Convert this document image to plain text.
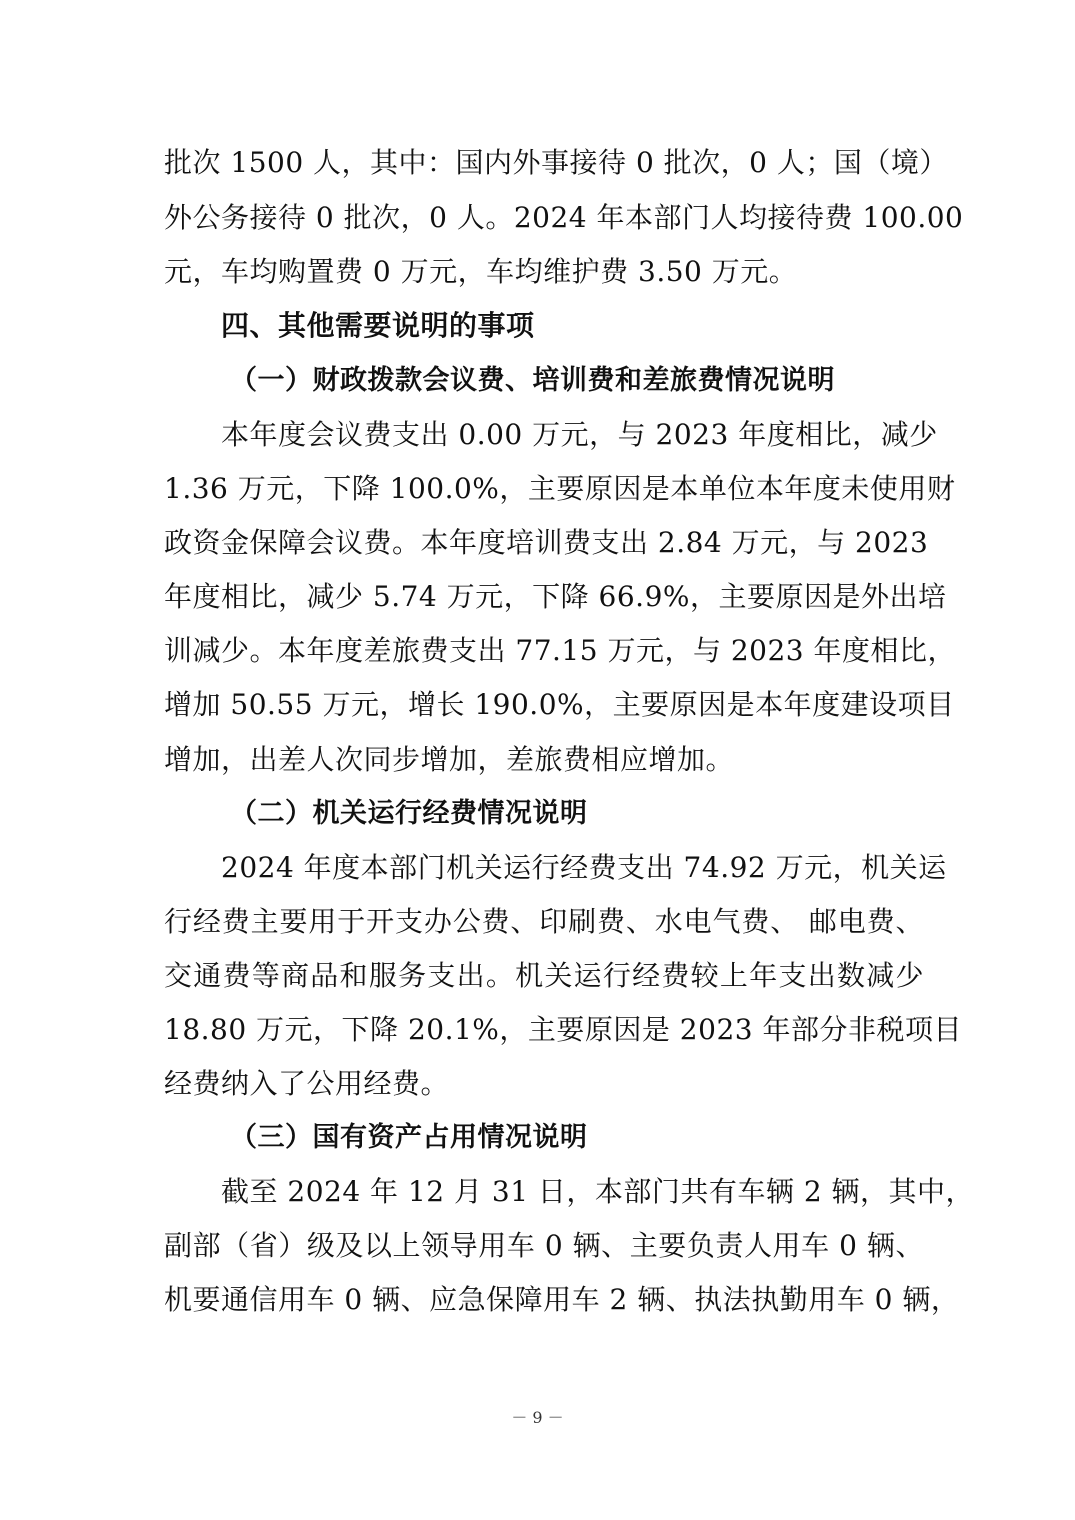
批次 1500 人，其中：国内外事接待 0 批次，0 人；国（境）
外公务接待 0 批次，0 人。2024 年本部门人均接待费 100.00
元，车均购置费 0 万元，车均维护费 3.50 万元。
四、其他需要说明的事项
（一）财政拨款会议费、培训费和差旅费情况说明
本年度会议费支出 0.00 万元，与 2023 年度相比，减少
1.36 万元，下降 100.0%，主要原因是本单位本年度未使用财
政资金保障会议费。本年度培训费支出 2.84 万元，与 2023
年度相比，减少 5.74 万元，下降 66.9%，主要原因是外出培
训减少。本年度差旅费支出 77.15 万元，与 2023 年度相比，
增加 50.55 万元，增长 190.0%，主要原因是本年度建设项目
增加，出差人次同步增加，差旅费相应增加。
（二）机关运行经费情况说明
2024 年度本部门机关运行经费支出 74.92 万元，机关运
行经费主要用于开支办公费、印刷费、水电气费、 邮电费、
交通费等商品和服务支出。机关运行经费较上年支出数减少
18.80 万元，下降 20.1%，主要原因是 2023 年部分非税项目
经费纳入了公用经费。
（三）国有资产占用情况说明
截至 2024 年 12 月 31 日，本部门共有车辆 2 辆，其中，
副部（省）级及以上领导用车 0 辆、主要负责人用车 0 辆、
机要通信用车 0 辆、应急保障用车 2 辆、执法执勤用车 0 辆，
－ 9 －
